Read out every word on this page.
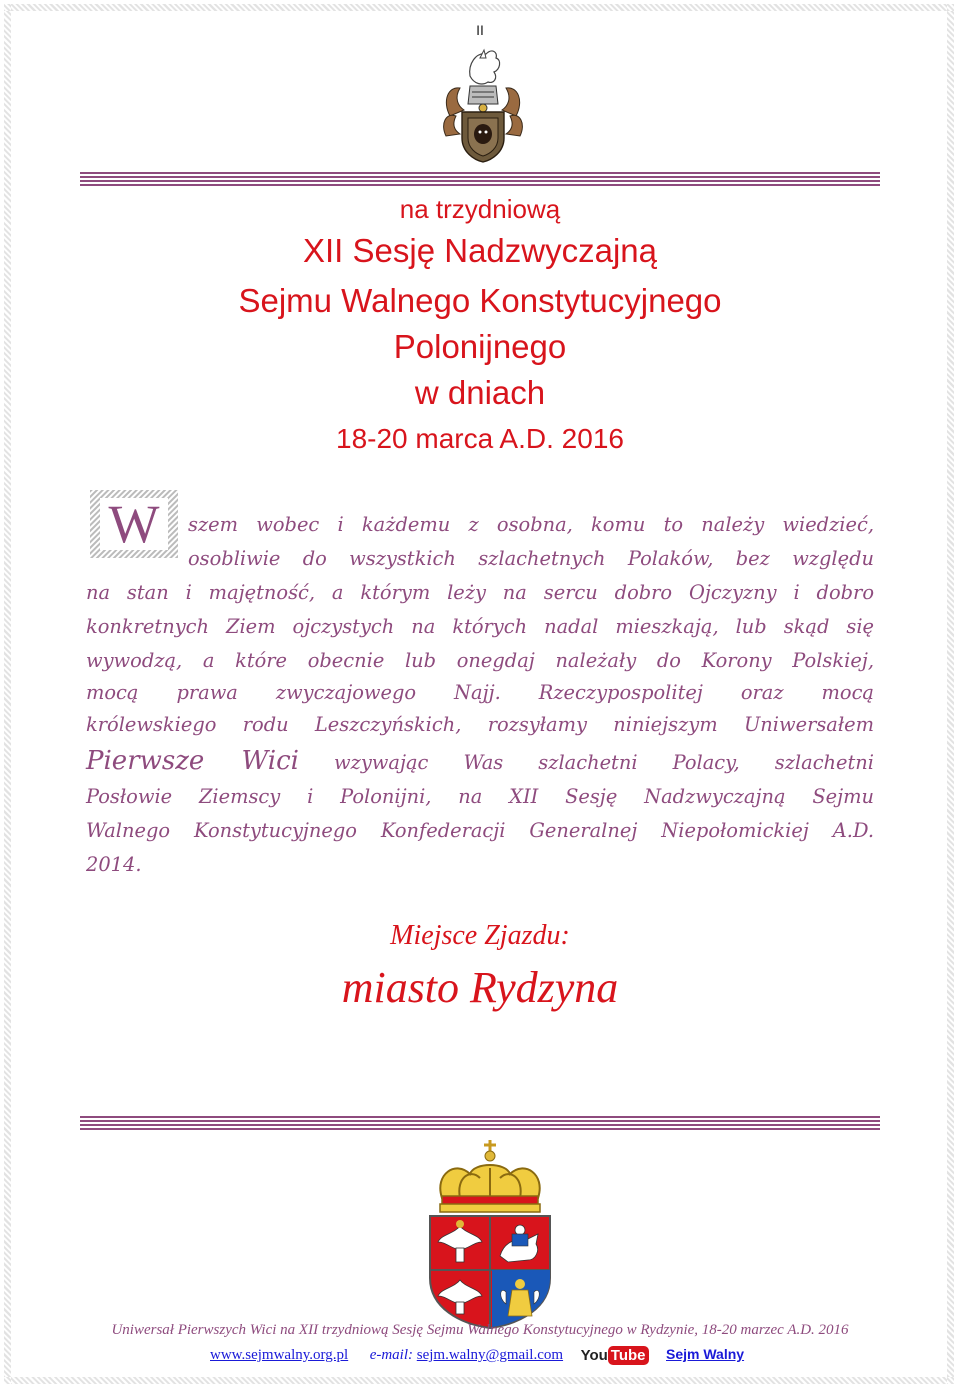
II
na trzydniową
XII Sesję Nadzwyczajną
Sejmu Walnego Konstytucyjnego
Polonijnego
w dniach
18-20 marca A.D. 2016
W	szem wobec i każdemu z osobna, komu to należy wiedzieć,
osobliwie do wszystkich szlachetnych Polaków, bez względu
na stan i majętność, a którym leży na sercu dobro Ojczyzny i dobro
konkretnych Ziem ojczystych na których nadal mieszkają, lub skąd się
wywodzą, a które obecnie lub onegdaj należały do Korony Polskiej,
mocą prawa zwyczajowego Najj. Rzeczypospolitej oraz mocą
królewskiego rodu Leszczyńskich, rozsyłamy niniejszym Uniwersałem
Pierwsze Wici wzywając Was szlachetni Polacy, szlachetni
Posłowie Ziemscy i Polonijni, na XII Sesję Nadzwyczajną Sejmu
Walnego Konstytucyjnego Konfederacji Generalnej Niepołomickiej A.D.
2014.
Miejsce Zjazdu:
miasto Rydzyna
Uniwersał Pierwszych Wici na XII trzydniową Sesję Sejmu Walnego Konstytucyjnego w Rydzynie, 18-20 marzec A.D. 2016
www.sejmwalny.org.pl e-mail: sejm.walny@gmail.com You Tube Sejm Walny
